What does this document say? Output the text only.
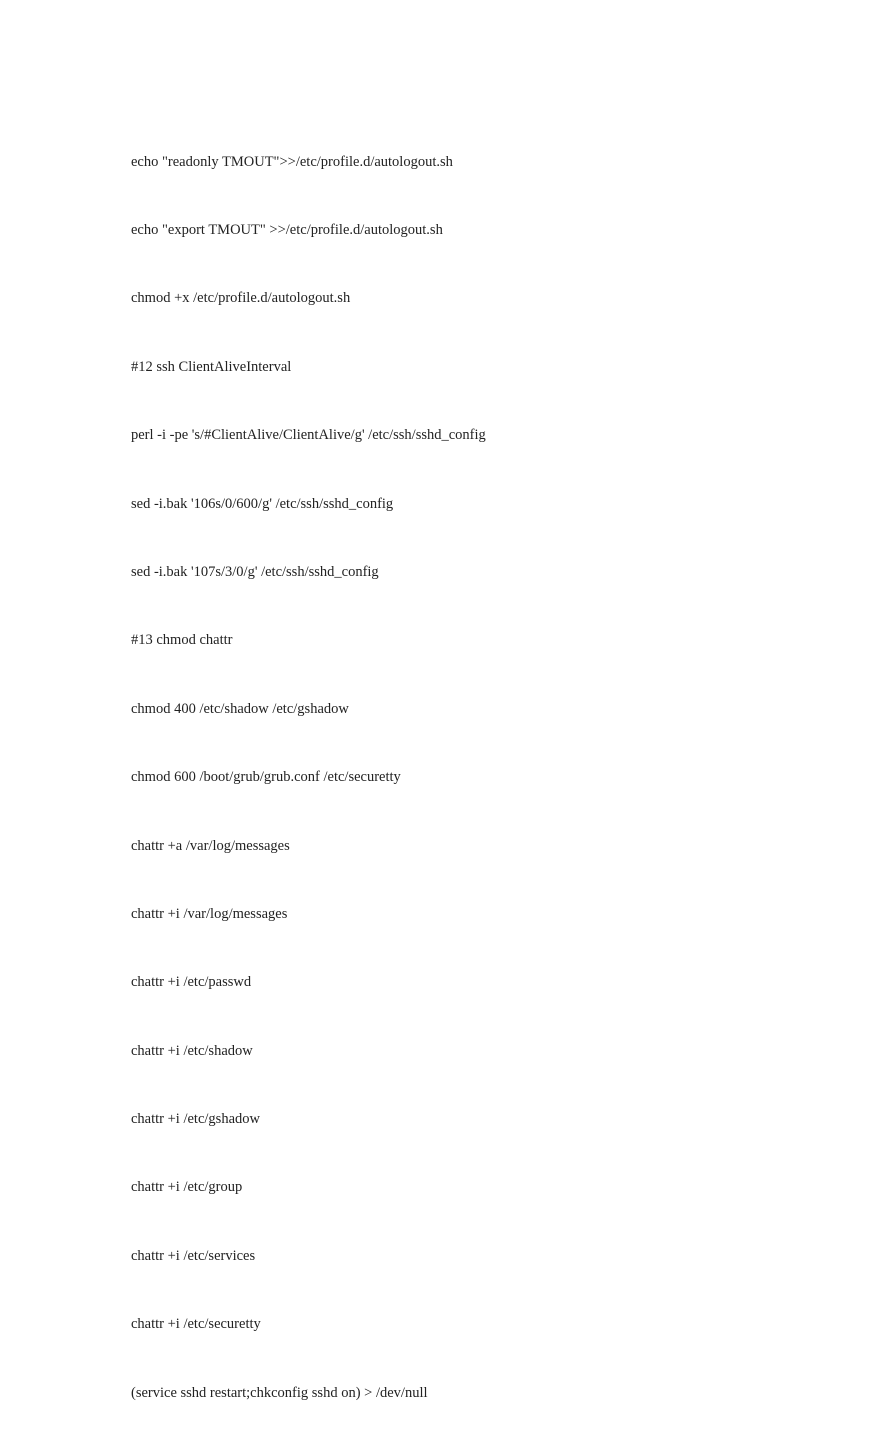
echo "readonly TMOUT">>/etc/profile.d/autologout.sh

echo "export TMOUT" >>/etc/profile.d/autologout.sh

chmod +x /etc/profile.d/autologout.sh

#12 ssh ClientAliveInterval

perl -i -pe 's/#ClientAlive/ClientAlive/g' /etc/ssh/sshd_config

sed -i.bak '106s/0/600/g' /etc/ssh/sshd_config

sed -i.bak '107s/3/0/g' /etc/ssh/sshd_config

#13 chmod chattr

chmod 400 /etc/shadow /etc/gshadow

chmod 600 /boot/grub/grub.conf /etc/securetty

chattr +a /var/log/messages

chattr +i /var/log/messages

chattr +i /etc/passwd

chattr +i /etc/shadow

chattr +i /etc/gshadow

chattr +i /etc/group

chattr +i /etc/services

chattr +i /etc/securetty

(service sshd restart;chkconfig sshd on) > /dev/null
